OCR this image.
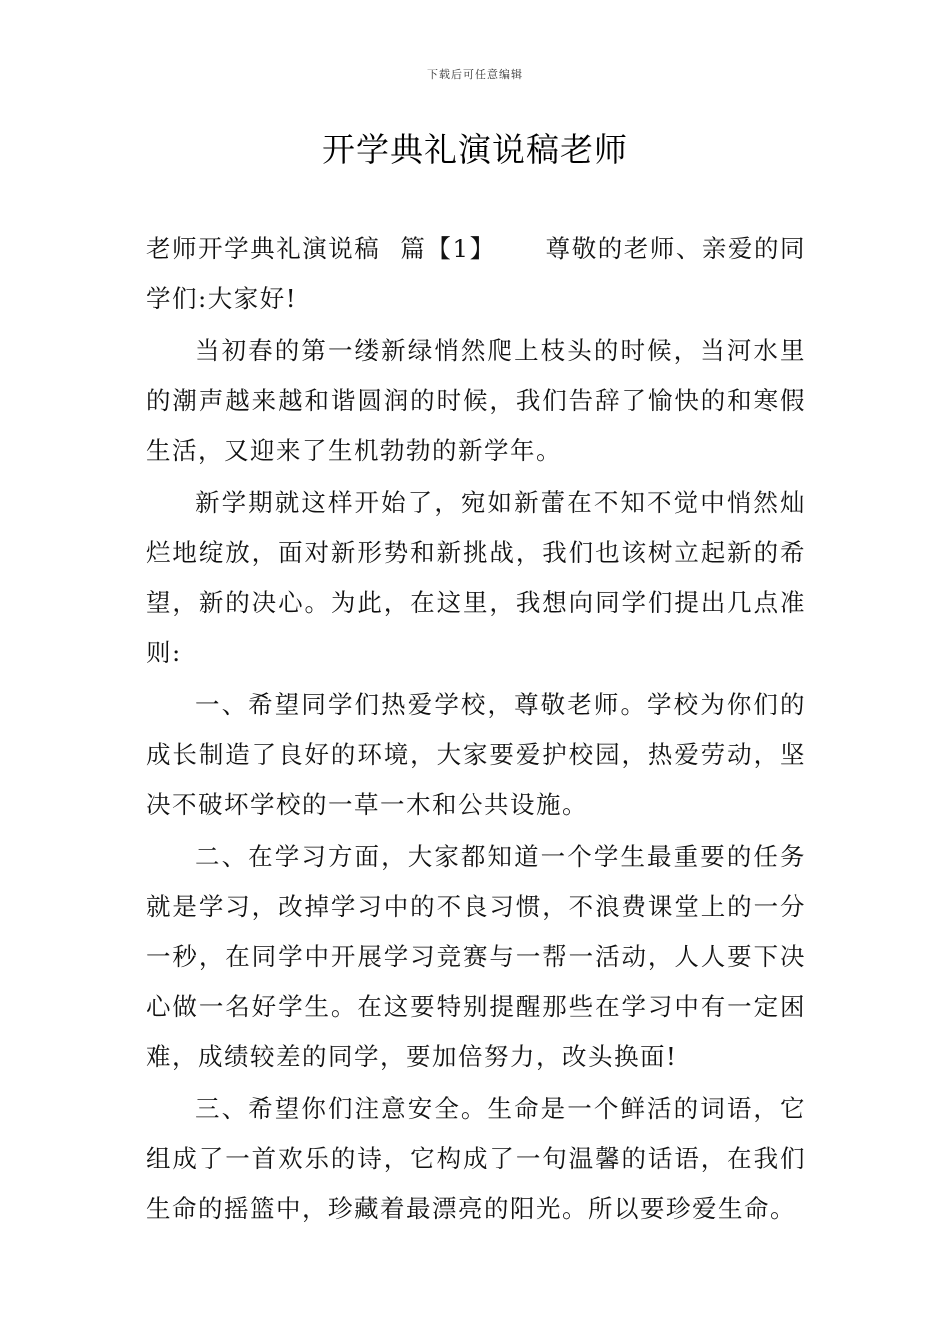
下载后可任意编辑
开学典礼演说稿老师

老师开学典礼演说稿 篇【1】 尊敬的老师、亲爱的同学们:大家好!

当初春的第一缕新绿悄然爬上枝头的时候，当河水里的潮声越来越和谐圆润的时候，我们告辞了愉快的和寒假生活，又迎来了生机勃勃的新学年。

新学期就这样开始了，宛如新蕾在不知不觉中悄然灿烂地绽放，面对新形势和新挑战，我们也该树立起新的希望，新的决心。为此，在这里，我想向同学们提出几点准则:

一、希望同学们热爱学校，尊敬老师。学校为你们的成长制造了良好的环境，大家要爱护校园，热爱劳动，坚决不破坏学校的一草一木和公共设施。

二、在学习方面，大家都知道一个学生最重要的任务就是学习，改掉学习中的不良习惯，不浪费课堂上的一分一秒，在同学中开展学习竞赛与一帮一活动，人人要下决心做一名好学生。在这要特别提醒那些在学习中有一定困难，成绩较差的同学，要加倍努力，改头换面!

三、希望你们注意安全。生命是一个鲜活的词语，它组成了一首欢乐的诗，它构成了一句温馨的话语，在我们生命的摇篮中，珍藏着最漂亮的阳光。所以要珍爱生命。
